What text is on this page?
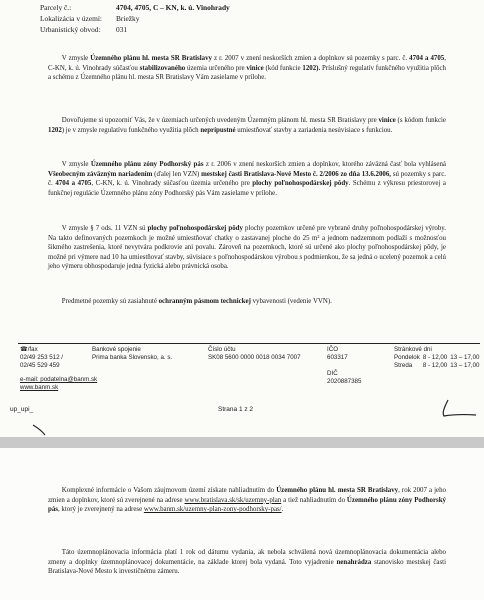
Parcely č.:	4704, 4705, C – KN, k. ú. Vinohrady
Lokalizácia v území: Briežky
Urbanistický obvod: 031

  V zmysle Územného plánu hl. mesta SR Bratislavy z r. 2007 v znení neskorších zmien a doplnkov sú pozemky s parc. č. 4704 a 4705, C-KN, k. ú. Vinohrady súčasťou stabilizovaného územia určeného pre vinice (kód funkcie 1202). Príslušný regulatív funkčného využitia plôch a schému z Územného plánu hl. mesta SR Bratislavy Vám zasielame v prílohe.

  Dovoľujeme si upozorniť Vás, že v územiach určených uvedeným Územným plánom hl. mesta SR Bratislavy pre vinice (s kódom funkcie 1202) je v zmysle regulatívu funkčného využitia plôch neprípustné umiestňovať stavby a zariadenia nesúvisiace s funkciou.

  V zmysle Územného plánu zóny Podhorský pás z r. 2006 v znení neskorších zmien a doplnkov, ktorého záväzná časť bola vyhlásená Všeobecným záväzným nariadením (ďalej len VZN) mestskej časti Bratislava-Nové Mesto č. 2/2006 zo dňa 13.6.2006, sú pozemky s parc. č. 4704 a 4705, C-KN, k. ú. Vinohrady súčasťou územia určeného pre plochy poľnohospodárskej pôdy. Schému z výkresu priestorovej a funkčnej regulácie Územného plánu zóny Podhorský pás Vám zasielame v prílohe.

  V zmysle § 7 ods. 11 VZN sú plochy poľnohospodárskej pôdy plochy pozemkov určené pre vybrané druhy poľnohospodárskej výroby. Na takto definovaných pozemkoch je možné umiestňovať chatky o zastavanej ploche do 25 m² a jednom nadzemnom podlaží s možnosťou šikmého zastrešenia, ktoré nevytvára podkrovie ani povalu. Zároveň na pozemkoch, ktoré sú určené ako plochy poľnohospodárskej pôdy, je možné pri výmere nad 10 ha umiestňovať stavby, súvisiace s poľnohospodárskou výrobou s podmienkou, že sa jedná o ucelený pozemok a celú jeho výmeru obhospodaruje jedna fyzická alebo právnická osoba.

  Predmetné pozemky sú zasiahnuté ochranným pásmom technickej vybavenosti (vedenie VVN).

☎/fax
02/49 253 512 /
02/45 529 459
e-mail: podatelna@banm.sk
www.banm.sk
Bankové spojenie
Prima banka Slovensko, a. s.
Číslo účtu
SK08 5600 0000 0018 0034 7007
IČO
603317
DIČ
2020887385
Stránkové dni
Pondelok	8 - 12,00	13 – 17,00
Streda	8 - 12,00	13 – 17,00
up_upi_	Strana 1 z 2

  Komplexné informácie o Vašom záujmovom území získate nahliadnutím do Územného plánu hl. mesta SR Bratislavy, rok 2007 a jeho zmien a doplnkov, ktoré sú zverejnené na adrese www.bratislava.sk/sk/uzemny-plan a tiež nahliadnutím do Územného plánu zóny Podhorský pás, ktorý je zverejnený na adrese www.banm.sk/uzemny-plan-zony-podhorsky-pas/.

  Táto územnoplánovacia informácia platí 1 rok od dátumu vydania, ak nebola schválená nová územnoplánovacia dokumentácia alebo zmeny a doplnky územnoplánovacej dokumentácie, na základe ktorej bola vydaná. Toto vyjadrenie nenahrádza stanovisko mestskej časti Bratislava-Nové Mesto k investičnému zámeru.
